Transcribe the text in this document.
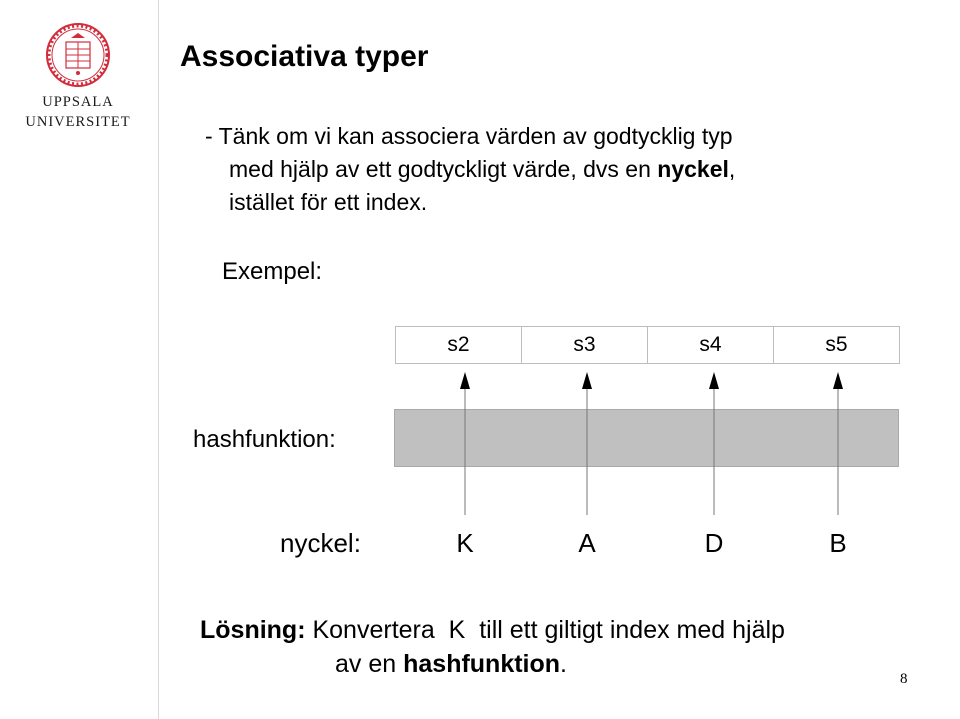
UPPSALA
UNIVERSITET
Associativa typer
- Tänk om vi kan associera värden av godtycklig typ
med hjälp av ett godtyckligt värde, dvs en nyckel,
istället för ett index.
Exempel:
s2	s3	s4	s5
hashfunktion:
nyckel:	K	A	D	B
Lösning: Konvertera  K  till ett giltigt index med hjälp
av en hashfunktion.
8
